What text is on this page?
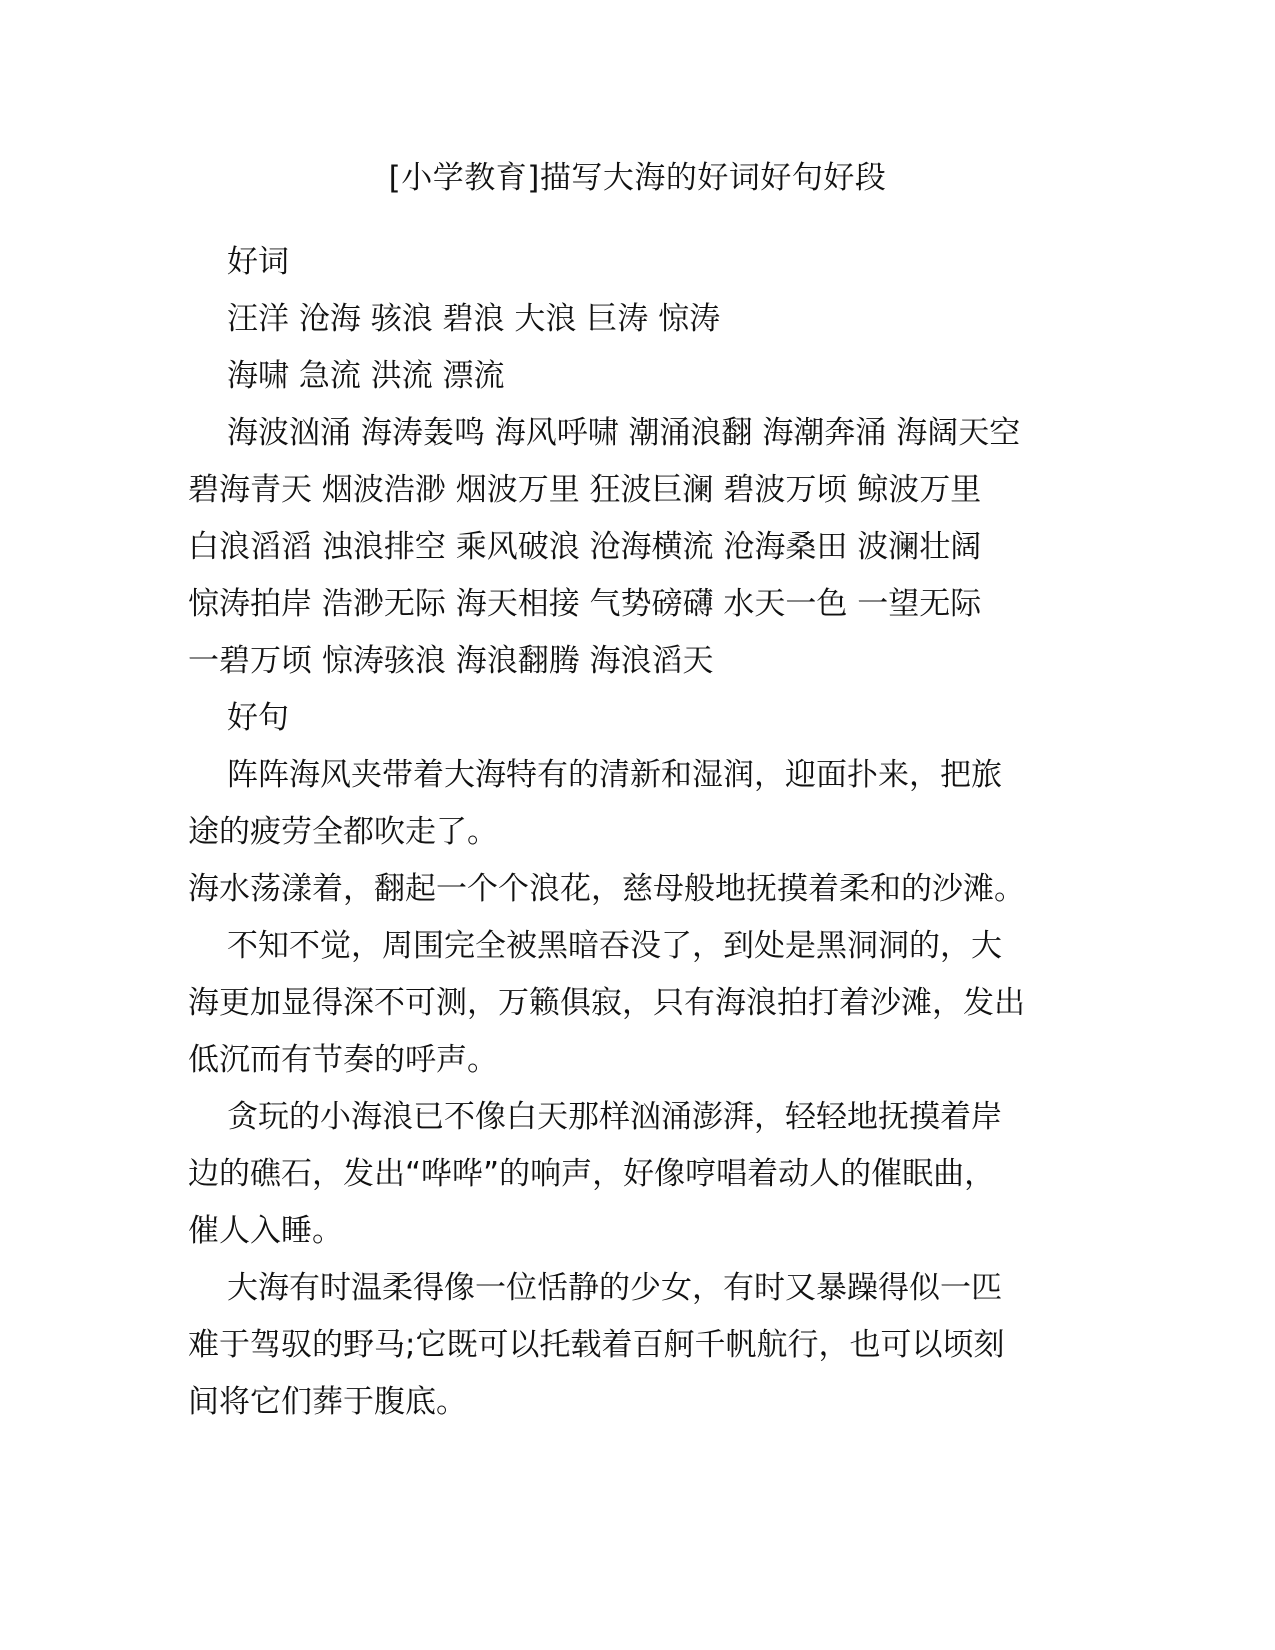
[小学教育]描写大海的好词好句好段
好词
汪洋 沧海 骇浪 碧浪 大浪 巨涛 惊涛
海啸 急流 洪流 漂流
海波汹涌 海涛轰鸣 海风呼啸 潮涌浪翻 海潮奔涌 海阔天空
碧海青天 烟波浩渺 烟波万里 狂波巨澜 碧波万顷 鲸波万里
白浪滔滔 浊浪排空 乘风破浪 沧海横流 沧海桑田 波澜壮阔
惊涛拍岸 浩渺无际 海天相接 气势磅礴 水天一色 一望无际
一碧万顷 惊涛骇浪 海浪翻腾 海浪滔天
好句
阵阵海风夹带着大海特有的清新和湿润，迎面扑来，把旅
途的疲劳全都吹走了。
海水荡漾着，翻起一个个浪花，慈母般地抚摸着柔和的沙滩。
不知不觉，周围完全被黑暗吞没了，到处是黑洞洞的，大
海更加显得深不可测，万籁俱寂，只有海浪拍打着沙滩，发出
低沉而有节奏的呼声。
贪玩的小海浪已不像白天那样汹涌澎湃，轻轻地抚摸着岸
边的礁石，发出“哗哗”的响声，好像哼唱着动人的催眠曲，
催人入睡。
大海有时温柔得像一位恬静的少女，有时又暴躁得似一匹
难于驾驭的野马;它既可以托载着百舸千帆航行，也可以顷刻
间将它们葬于腹底。
